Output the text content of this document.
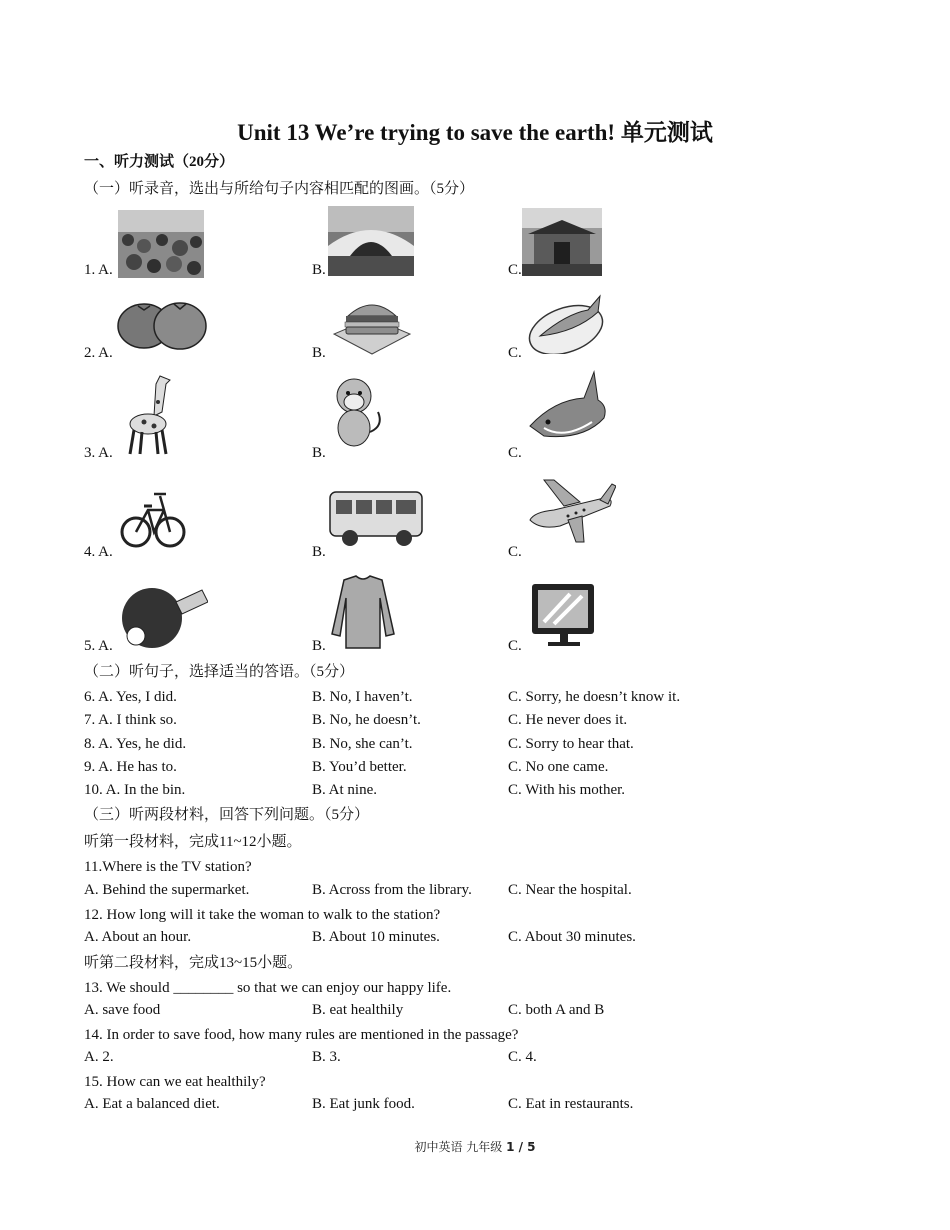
Unit 13 We’re trying to save the earth! 单元测试
一、听力测试（20分）
（一）听录音，选出与所给句子内容相匹配的图画。（5分）
1. A.	B.	C.
2. A.	B.	C.
3. A.	B.	C.
4. A.	B.	C.
5. A.	B.	C.
（二）听句子，选择适当的答语。（5分）
6. A. Yes, I did.	B. No, I haven’t.	C. Sorry, he doesn’t know it.
7. A. I think so.	B. No, he doesn’t.	C. He never does it.
8. A. Yes, he did.	B. No, she can’t.	C. Sorry to hear that.
9. A. He has to.	B. You’d better.	C. No one came.
10. A. In the bin.	B. At nine.	C. With his mother.
（三）听两段材料，回答下列问题。（5分）
听第一段材料，完成11~12小题。
11.Where is the TV station?
A. Behind the supermarket.	B. Across from the library. C. Near the hospital.
12. How long will it take the woman to walk to the station?
A. About an hour.	B. About 10 minutes.	C. About 30 minutes.
听第二段材料，完成13~15小题。
13. We should ________ so that we can enjoy our happy life.
A. save food	B. eat healthily	C. both A and B
14. In order to save food, how many rules are mentioned in the passage?
A. 2.	B. 3.	C. 4.
15. How can we eat healthily?
A. Eat a balanced diet.	B. Eat junk food.	C. Eat in restaurants.
初中英语 九年级 1 / 5
